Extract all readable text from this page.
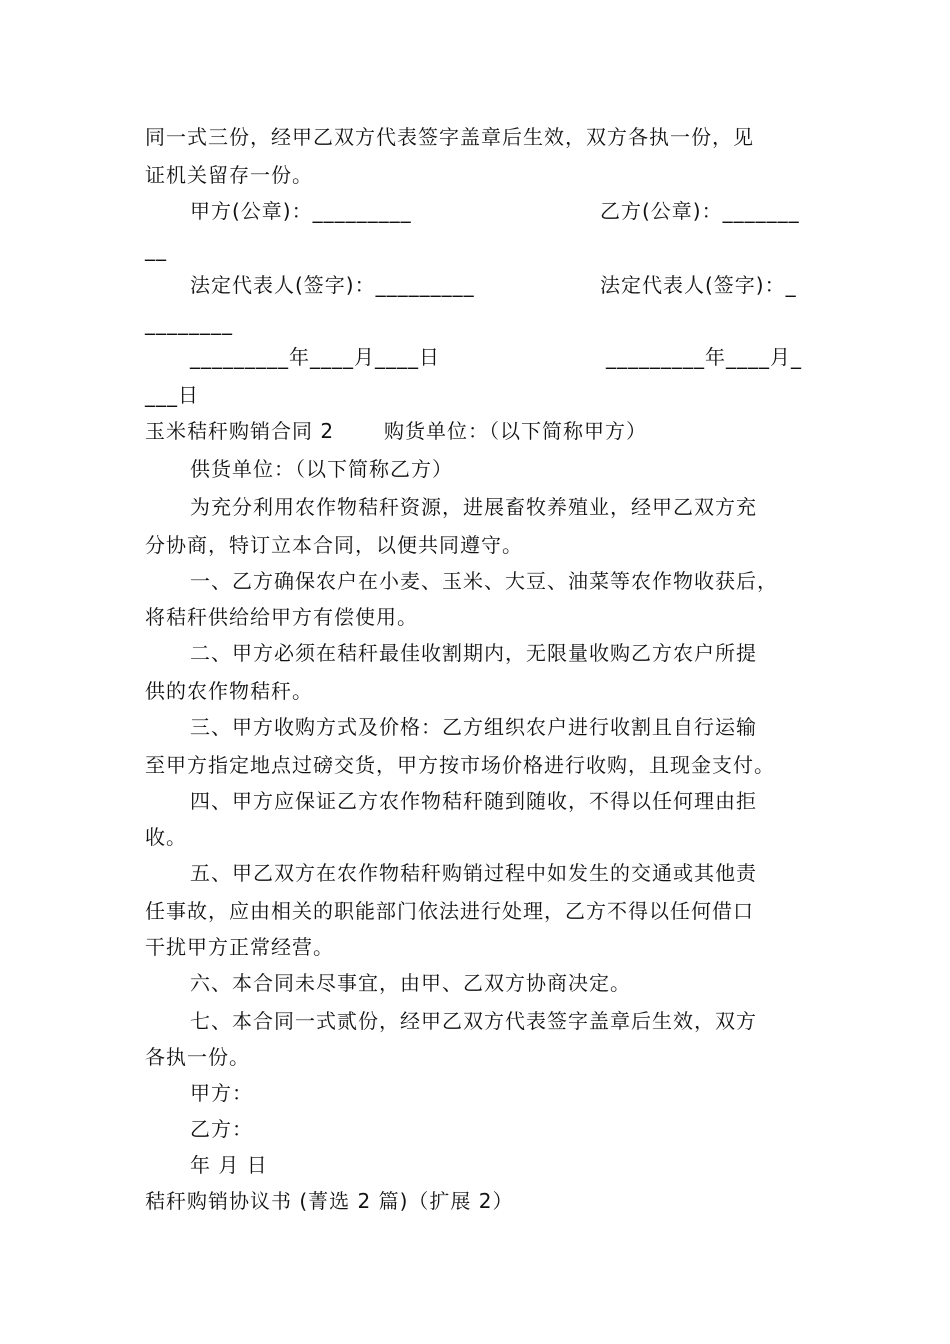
同一式三份，经甲乙双方代表签字盖章后生效，双方各执一份，见
证机关留存一份。
甲方(公章)：_________	乙方(公章)：_______
__
法定代表人(签字)：_________	法定代表人(签字)：_
________
_________年____月____日	_________年____月_
___日
玉米秸秆购销合同 2 购货单位：（以下简称甲方）
供货单位：（以下简称乙方）
为充分利用农作物秸秆资源，进展畜牧养殖业，经甲乙双方充
分协商，特订立本合同，以便共同遵守。
一、乙方确保农户在小麦、玉米、大豆、油菜等农作物收获后，
将秸秆供给给甲方有偿使用。
二、甲方必须在秸秆最佳收割期内，无限量收购乙方农户所提
供的农作物秸秆。
三、甲方收购方式及价格：乙方组织农户进行收割且自行运输
至甲方指定地点过磅交货，甲方按市场价格进行收购，且现金支付。
四、甲方应保证乙方农作物秸秆随到随收，不得以任何理由拒
收。
五、甲乙双方在农作物秸秆购销过程中如发生的交通或其他责
任事故，应由相关的职能部门依法进行处理，乙方不得以任何借口
干扰甲方正常经营。
六、本合同未尽事宜，由甲、乙双方协商决定。
七、本合同一式贰份，经甲乙双方代表签字盖章后生效，双方
各执一份。
甲方：
乙方：
年 月 日
秸秆购销协议书 (菁选 2 篇)（扩展 2）
